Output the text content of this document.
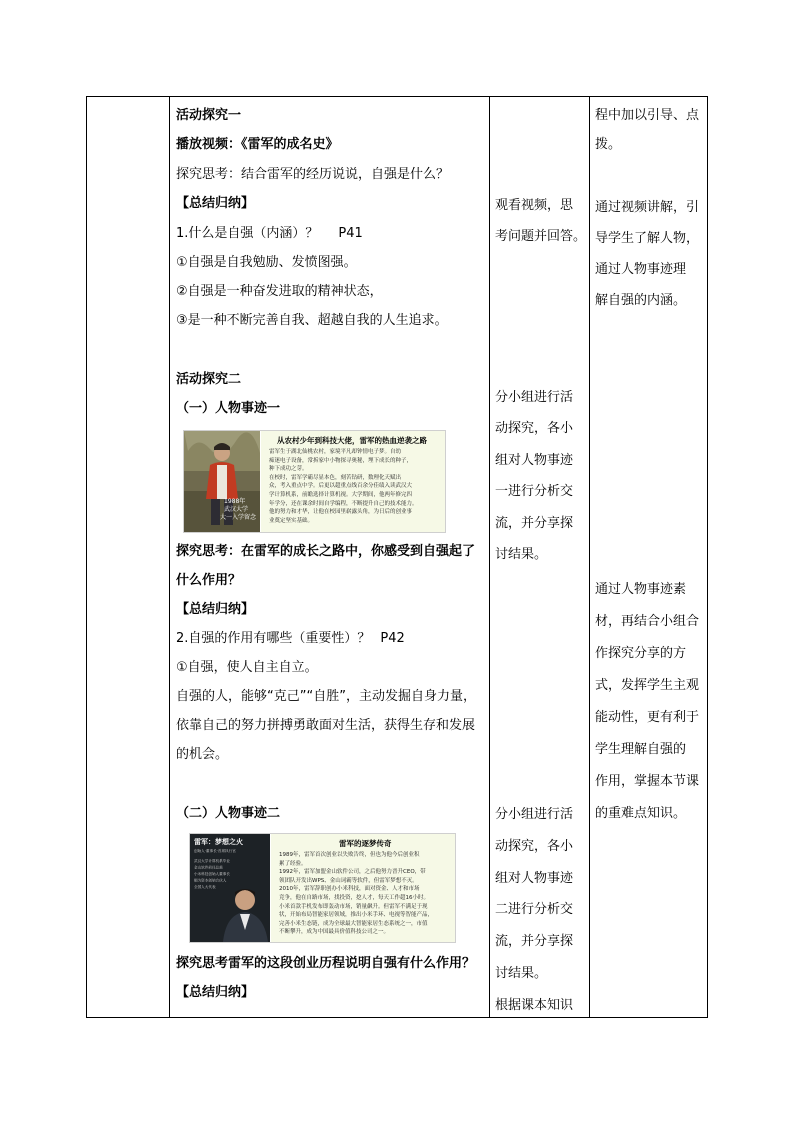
活动探究一
播放视频：《雷军的成名史》
探究思考：结合雷军的经历说说，自强是什么？
【总结归纳】
1.什么是自强（内涵）？ P41
①自强是自我勉励、发愤图强。
②自强是一种奋发进取的精神状态，
③是一种不断完善自我、超越自我的人生追求。
活动探究二
（一）人物事迹一
1988年
武汉大学
大一入学留念
从农村少年到科技大佬，雷军的热血逆袭之路
雷军生于湖北仙桃农村，家境平凡却钟情电子梦。自幼
痴迷电子设备，常拆家中小物探寻奥秘，埋下成长的种子，
种下成功之芽。
在校时，雷军学霸尽显本色，刻苦钻研，数理化天赋出
众，考入重点中学。后更以超重点线百余分佳绩入读武汉大
学计算机系，前瞻选择计算机视。大学期间，他两年修完四
年学分，还在课余时间自学编程，不断提升自己的技术能力。
他的努力和才华，让他在校园里崭露头角，为日后的创业事
业奠定坚实基础。
探究思考：在雷军的成长之路中，你感受到自强起了
什么作用？
【总结归纳】
2.自强的作用有哪些（重要性）？ P42
①自强，使人自主自立。
自强的人，能够“克己”“自胜”，主动发掘自身力量，
依靠自己的努力拼搏勇敢面对生活，获得生存和发展
的机会。
（二）人物事迹二
雷军：梦想之火
创始人·董事长·首席执行官
武汉大学计算机系毕业
金山软件前任总裁
小米科技创始人董事长
顺为资本创始合伙人
全国人大代表
雷军的逐梦传奇
1989年，雷军首次创业以失败告终，但也为他今后创业积
累了经验。
1992年，雷军加盟金山软件公司，之后他努力晋升CEO，带
领团队开发出WPS、金山词霸等软件，但雷军梦想不灭。
2010年，雷军辞职创办小米科技，面对资金、人才和市场
竞争，他在自路市场，找投资，挖人才，每天工作超16小时。
小米首款手机发布即轰动市场，销量飙升。但雷军不满足于现
状，开始布局智能家居领域，推出小米手环、电视等智能产品，
完善小米生态链，成为全球最大智能家居生态系统之一，市值
不断攀升，成为中国最具价值科技公司之一。
探究思考雷军的这段创业历程说明自强有什么作用？
【总结归纳】
观看视频，思
考问题并回答。
分小组进行活
动探究，各小
组对人物事迹
一进行分析交
流，并分享探
讨结果。
分小组进行活
动探究，各小
组对人物事迹
二进行分析交
流，并分享探
讨结果。
根据课本知识
程中加以引导、点
拨。
通过视频讲解，引
导学生了解人物，
通过人物事迹理
解自强的内涵。
通过人物事迹素
材，再结合小组合
作探究分享的方
式，发挥学生主观
能动性，更有利于
学生理解自强的
作用，掌握本节课
的重难点知识。
